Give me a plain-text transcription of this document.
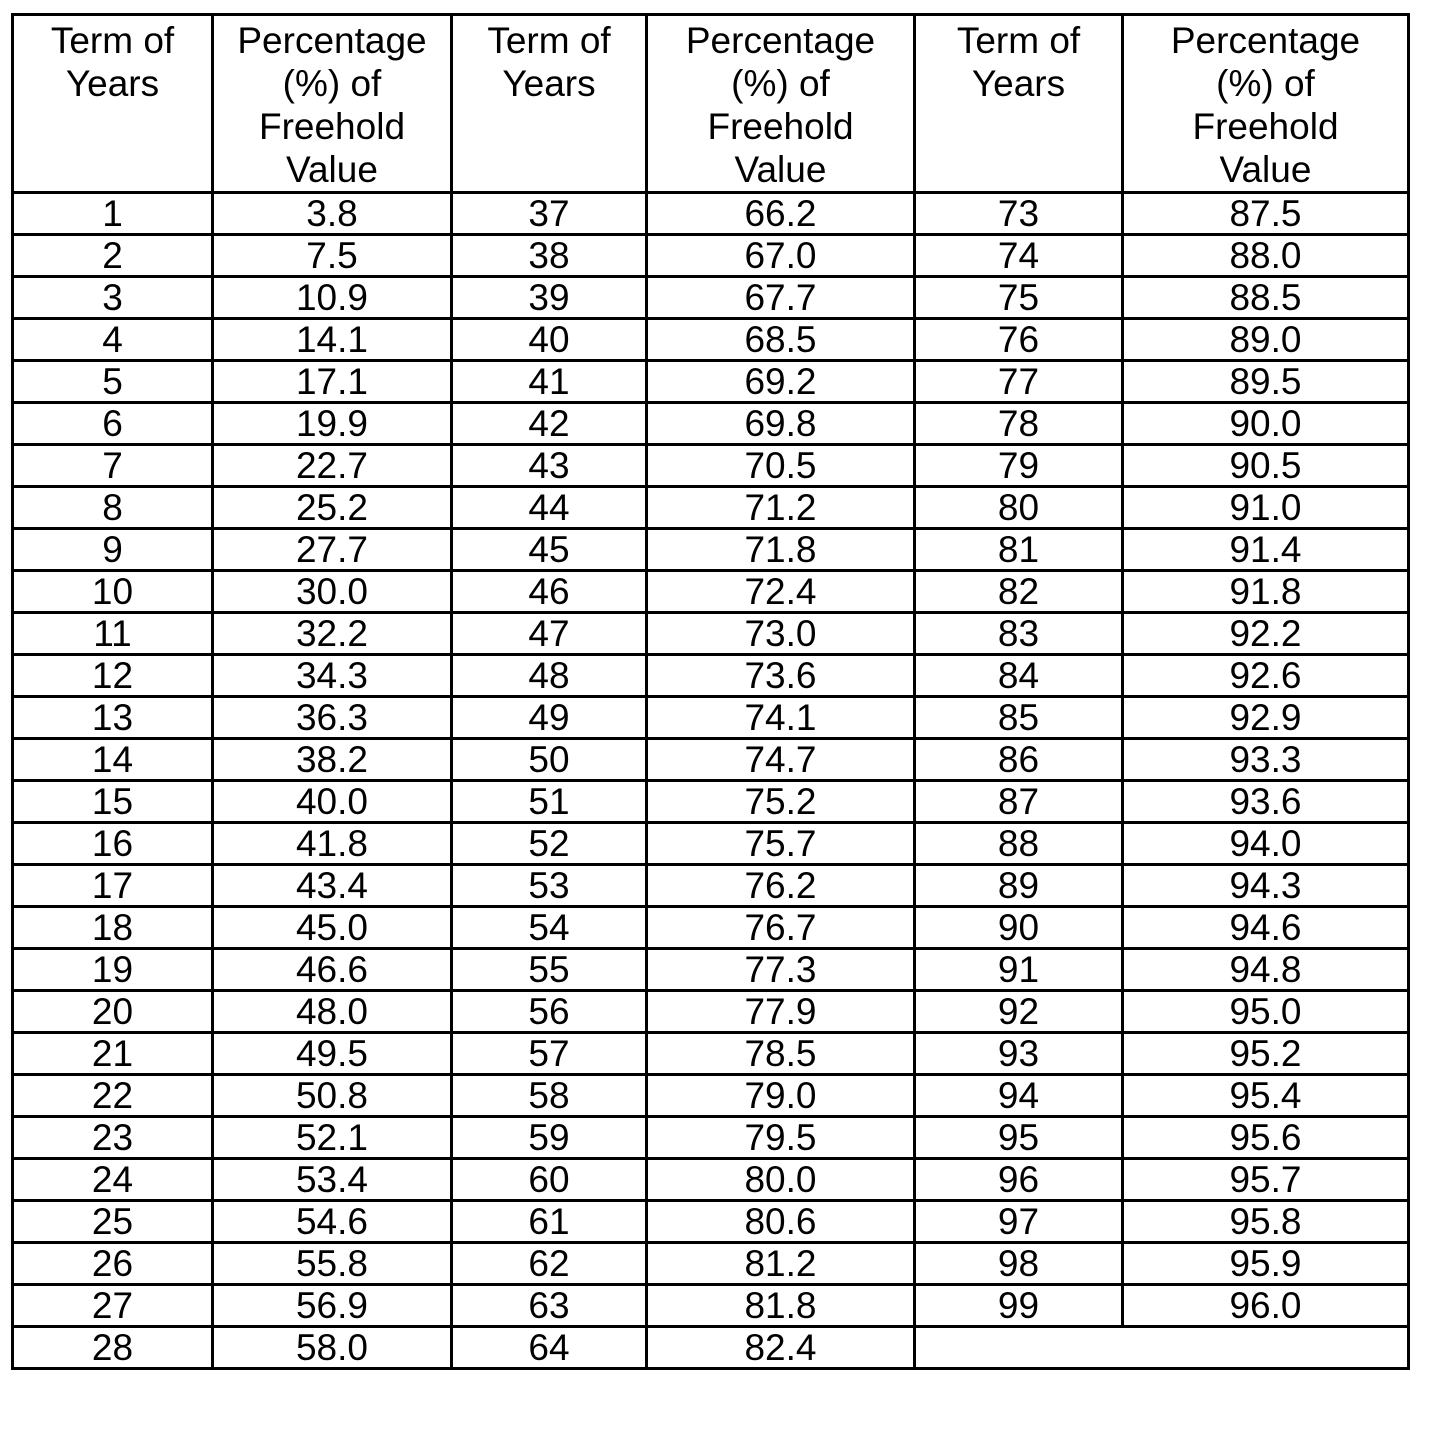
Term of
Years	Percentage
(%) of
Freehold
Value	Term of
Years	Percentage
(%) of
Freehold
Value	Term of
Years	Percentage
(%) of
Freehold
Value

1	3.8	37	66.2	73	87.5
2	7.5	38	67.0	74	88.0
3	10.9	39	67.7	75	88.5
4	14.1	40	68.5	76	89.0
5	17.1	41	69.2	77	89.5
6	19.9	42	69.8	78	90.0
7	22.7	43	70.5	79	90.5
8	25.2	44	71.2	80	91.0
9	27.7	45	71.8	81	91.4
10	30.0	46	72.4	82	91.8
11	32.2	47	73.0	83	92.2
12	34.3	48	73.6	84	92.6
13	36.3	49	74.1	85	92.9
14	38.2	50	74.7	86	93.3
15	40.0	51	75.2	87	93.6
16	41.8	52	75.7	88	94.0
17	43.4	53	76.2	89	94.3
18	45.0	54	76.7	90	94.6
19	46.6	55	77.3	91	94.8
20	48.0	56	77.9	92	95.0
21	49.5	57	78.5	93	95.2
22	50.8	58	79.0	94	95.4
23	52.1	59	79.5	95	95.6
24	53.4	60	80.0	96	95.7
25	54.6	61	80.6	97	95.8
26	55.8	62	81.2	98	95.9
27	56.9	63	81.8	99	96.0
28	58.0	64	82.4		
